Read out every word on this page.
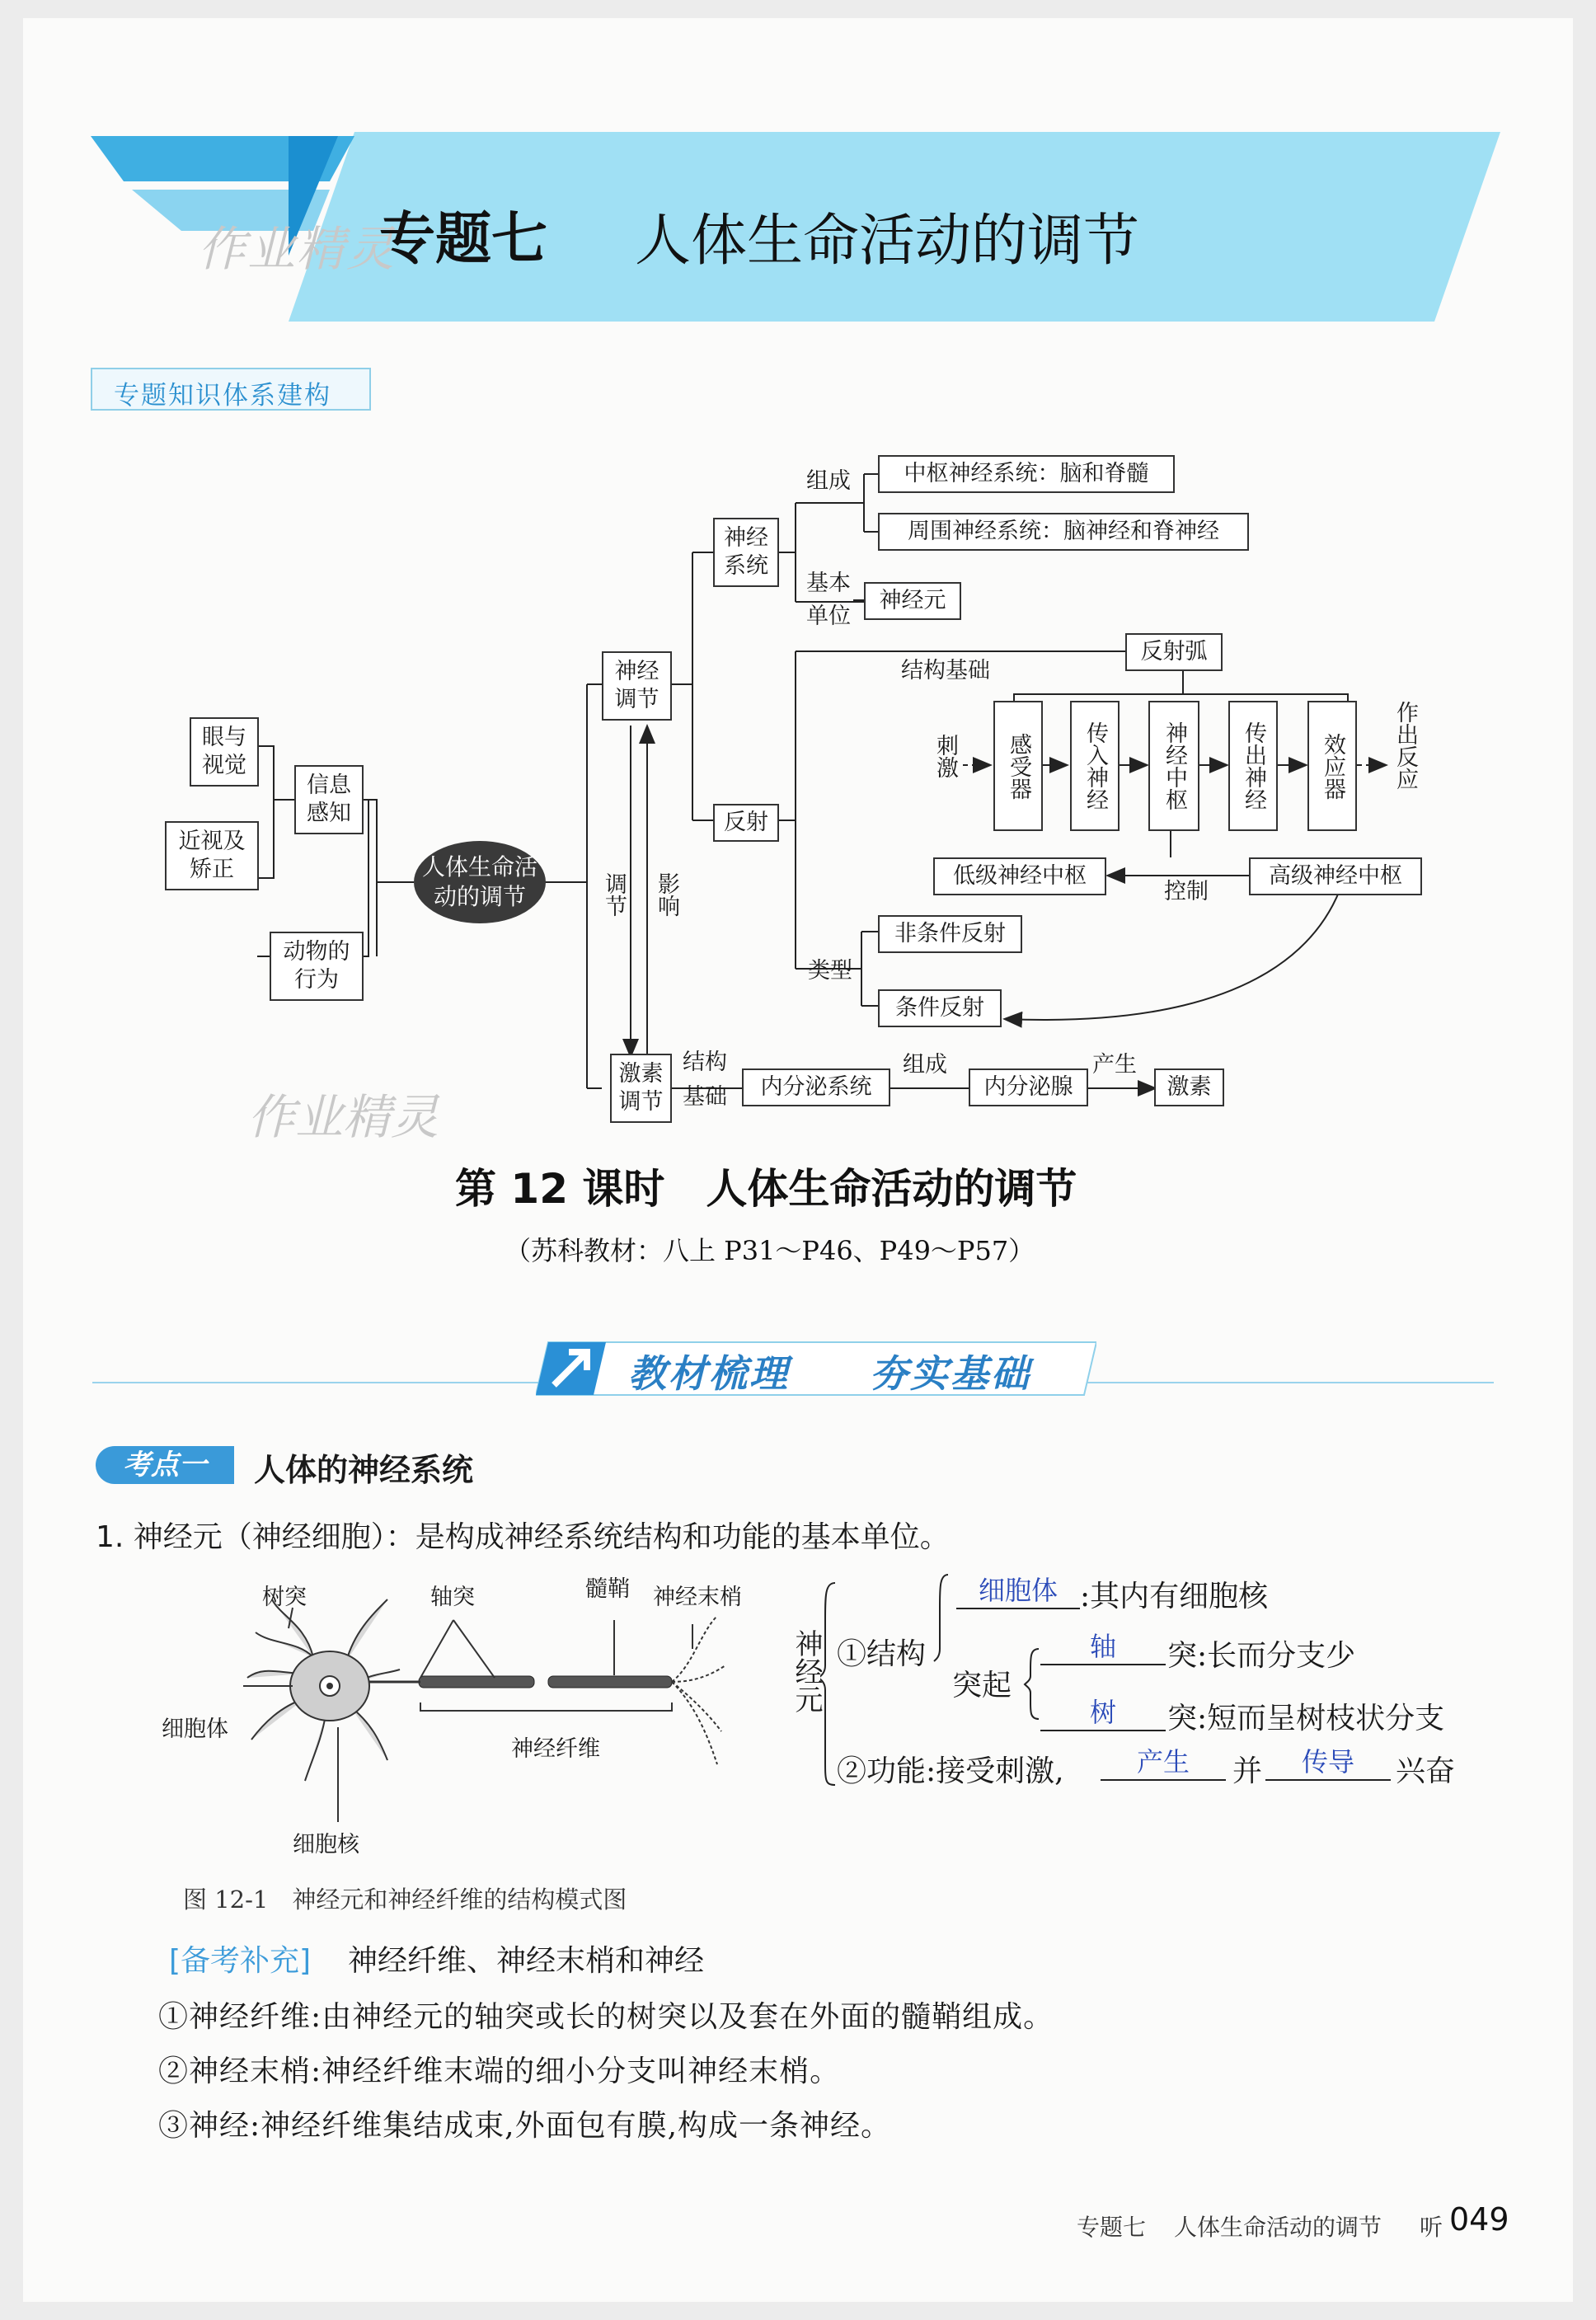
作业精灵
专题七 人体生命活动的调节
专题知识体系建构
眼与视觉
近视及矫正
信息感知
动物的行为
人体生命活动的调节	调节 影响
神经调节
神经系统
组成	中枢神经系统：脑和脊髓
周围神经系统：脑神经和脊神经
基本单位
神经元
结构基础
反射弧
刺激	感受器	传入神经	神经中枢	传出神经	效应器	作出反应
反射
低级神经中枢	高级神经中枢
控制
类型
非条件反射
条件反射
激素调节
结构基础	内分泌系统
组成
内分泌腺
产生
激素
作业精灵
第 12 课时　人体生命活动的调节
（苏科教材：八上 P31～P46、P49～P57）
教材梳理 夯实基础
考点一	人体的神经系统
1. 神经元（神经细胞）：是构成神经系统结构和功能的基本单位。
树突	轴突	髓鞘 神经末梢
细胞体
神经纤维
细胞核
图 12-1　神经元和神经纤维的结构模式图
神经元 ①结构
细胞体 :其内有细胞核
突起
轴	突:长而分支少
树	突:短而呈树枝状分支
②功能:接受刺激,	产生	并	传导	兴奋
[备考补充] 神经纤维、神经末梢和神经
①神经纤维:由神经元的轴突或长的树突以及套在外面的髓鞘组成。
②神经末梢:神经纤维末端的细小分支叫神经末梢。
③神经:神经纤维集结成束,外面包有膜,构成一条神经。
专题七 人体生命活动的调节 听 049
